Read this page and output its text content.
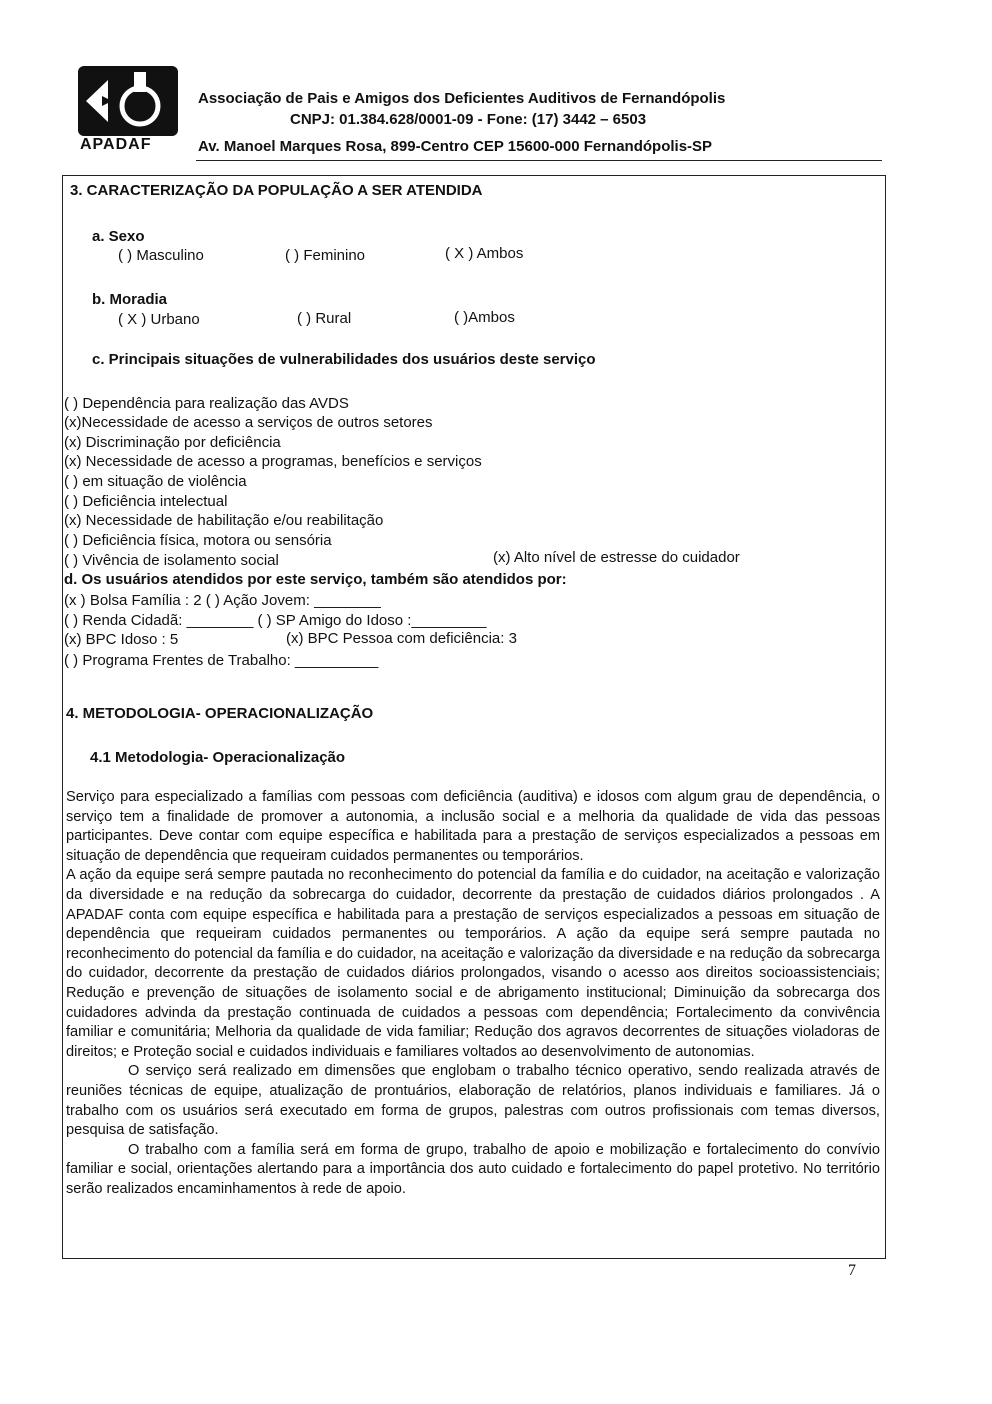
APADAF
Associação de Pais e Amigos dos Deficientes Auditivos de Fernandópolis
CNPJ: 01.384.628/0001-09 - Fone: (17) 3442 – 6503
Av. Manoel Marques Rosa, 899-Centro CEP 15600-000 Fernandópolis-SP
3. CARACTERIZAÇÃO DA POPULAÇÃO A SER ATENDIDA
a. Sexo
( ) Masculino	( ) Feminino	( X ) Ambos
b. Moradia
( X ) Urbano	( ) Rural	( )Ambos
c. Principais situações de vulnerabilidades dos usuários deste serviço
( ) Dependência para realização das AVDS
(x)Necessidade de acesso a serviços de outros setores
(x) Discriminação por deficiência
(x) Necessidade de acesso a programas, benefícios e serviços
( ) em situação de violência
( ) Deficiência intelectual
(x) Necessidade de habilitação e/ou reabilitação
( ) Deficiência física, motora ou sensória
( ) Vivência de isolamento social	(x) Alto nível de estresse do cuidador
d. Os usuários atendidos por este serviço, também são atendidos por:
(x ) Bolsa Família : 2 ( ) Ação Jovem: ________
( ) Renda Cidadã: ________ ( ) SP Amigo do Idoso :_________
(x) BPC Idoso : 5	(x) BPC Pessoa com deficiência: 3
( ) Programa Frentes de Trabalho: __________
4. METODOLOGIA- OPERACIONALIZAÇÃO
4.1 Metodologia- Operacionalização

Serviço para especializado a famílias com pessoas com deficiência (auditiva) e idosos com algum grau de dependência, o serviço tem a finalidade de promover a autonomia, a inclusão social e a melhoria da qualidade de vida das pessoas participantes. Deve contar com equipe específica e habilitada para a prestação de serviços especializados a pessoas em situação de dependência que requeiram cuidados permanentes ou temporários.

A ação da equipe será sempre pautada no reconhecimento do potencial da família e do cuidador, na aceitação e valorização da diversidade e na redução da sobrecarga do cuidador, decorrente da prestação de cuidados diários prolongados . A APADAF conta com equipe específica e habilitada para a prestação de serviços especializados a pessoas em situação de dependência que requeiram cuidados permanentes ou temporários. A ação da equipe será sempre pautada no reconhecimento do potencial da família e do cuidador, na aceitação e valorização da diversidade e na redução da sobrecarga do cuidador, decorrente da prestação de cuidados diários prolongados, visando o acesso aos direitos socioassistenciais; Redução e prevenção de situações de isolamento social e de abrigamento institucional; Diminuição da sobrecarga dos cuidadores advinda da prestação continuada de cuidados a pessoas com dependência; Fortalecimento da convivência familiar e comunitária; Melhoria da qualidade de vida familiar; Redução dos agravos decorrentes de situações violadoras de direitos; e Proteção social e cuidados individuais e familiares voltados ao desenvolvimento de autonomias.

O serviço será realizado em dimensões que englobam o trabalho técnico operativo, sendo realizada através de reuniões técnicas de equipe, atualização de prontuários, elaboração de relatórios, planos individuais e familiares. Já o trabalho com os usuários será executado em forma de grupos, palestras com outros profissionais com temas diversos, pesquisa de satisfação.

O trabalho com a família será em forma de grupo, trabalho de apoio e mobilização e fortalecimento do convívio familiar e social, orientações alertando para a importância dos auto cuidado e fortalecimento do papel protetivo. No território serão realizados encaminhamentos à rede de apoio.

7
